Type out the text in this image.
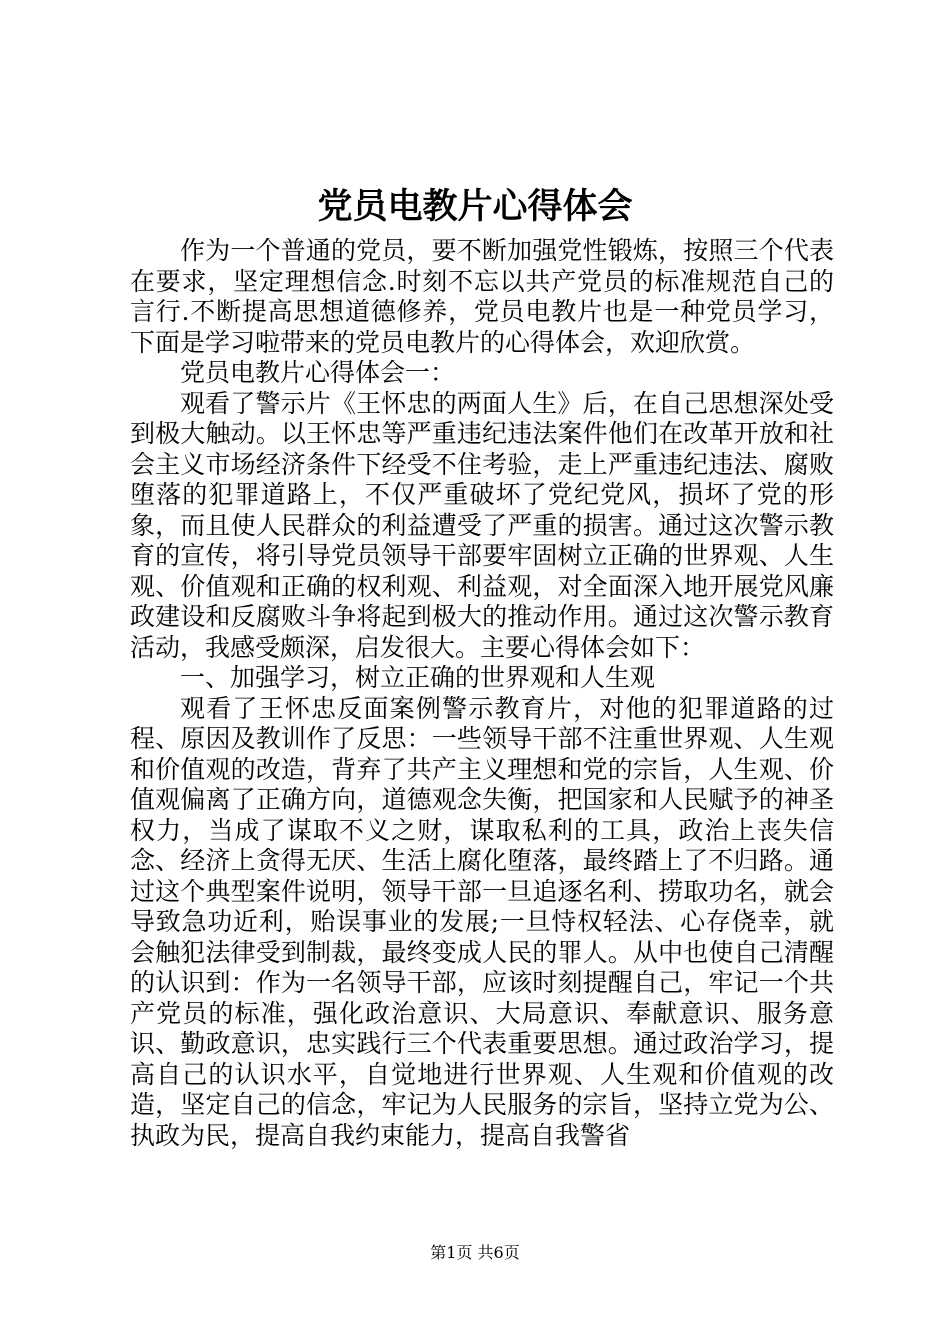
党员电教片心得体会

作为一个普通的党员，要不断加强党性锻炼，按照三个代表在要求，坚定理想信念.时刻不忘以共产党员的标准规范自己的言行.不断提高思想道德修养，党员电教片也是一种党员学习，下面是学习啦带来的党员电教片的心得体会，欢迎欣赏。

党员电教片心得体会一：

观看了警示片《王怀忠的两面人生》后，在自己思想深处受到极大触动。以王怀忠等严重违纪违法案件他们在改革开放和社会主义市场经济条件下经受不住考验，走上严重违纪违法、腐败堕落的犯罪道路上，不仅严重破坏了党纪党风，损坏了党的形象，而且使人民群众的利益遭受了严重的损害。通过这次警示教育的宣传，将引导党员领导干部要牢固树立正确的世界观、人生观、价值观和正确的权利观、利益观，对全面深入地开展党风廉政建设和反腐败斗争将起到极大的推动作用。通过这次警示教育活动，我感受颇深，启发很大。主要心得体会如下：

一、加强学习，树立正确的世界观和人生观

观看了王怀忠反面案例警示教育片，对他的犯罪道路的过程、原因及教训作了反思：一些领导干部不注重世界观、人生观和价值观的改造，背弃了共产主义理想和党的宗旨，人生观、价值观偏离了正确方向，道德观念失衡，把国家和人民赋予的神圣权力，当成了谋取不义之财，谋取私利的工具，政治上丧失信念、经济上贪得无厌、生活上腐化堕落，最终踏上了不归路。通过这个典型案件说明，领导干部一旦追逐名利、捞取功名，就会导致急功近利，贻误事业的发展;一旦恃权轻法、心存侥幸，就会触犯法律受到制裁，最终变成人民的罪人。从中也使自己清醒的认识到：作为一名领导干部，应该时刻提醒自己，牢记一个共产党员的标准，强化政治意识、大局意识、奉献意识、服务意识、勤政意识，忠实践行三个代表重要思想。通过政治学习，提高自己的认识水平，自觉地进行世界观、人生观和价值观的改造，坚定自己的信念，牢记为人民服务的宗旨，坚持立党为公、执政为民，提高自我约束能力，提高自我警省

第1页 共6页
